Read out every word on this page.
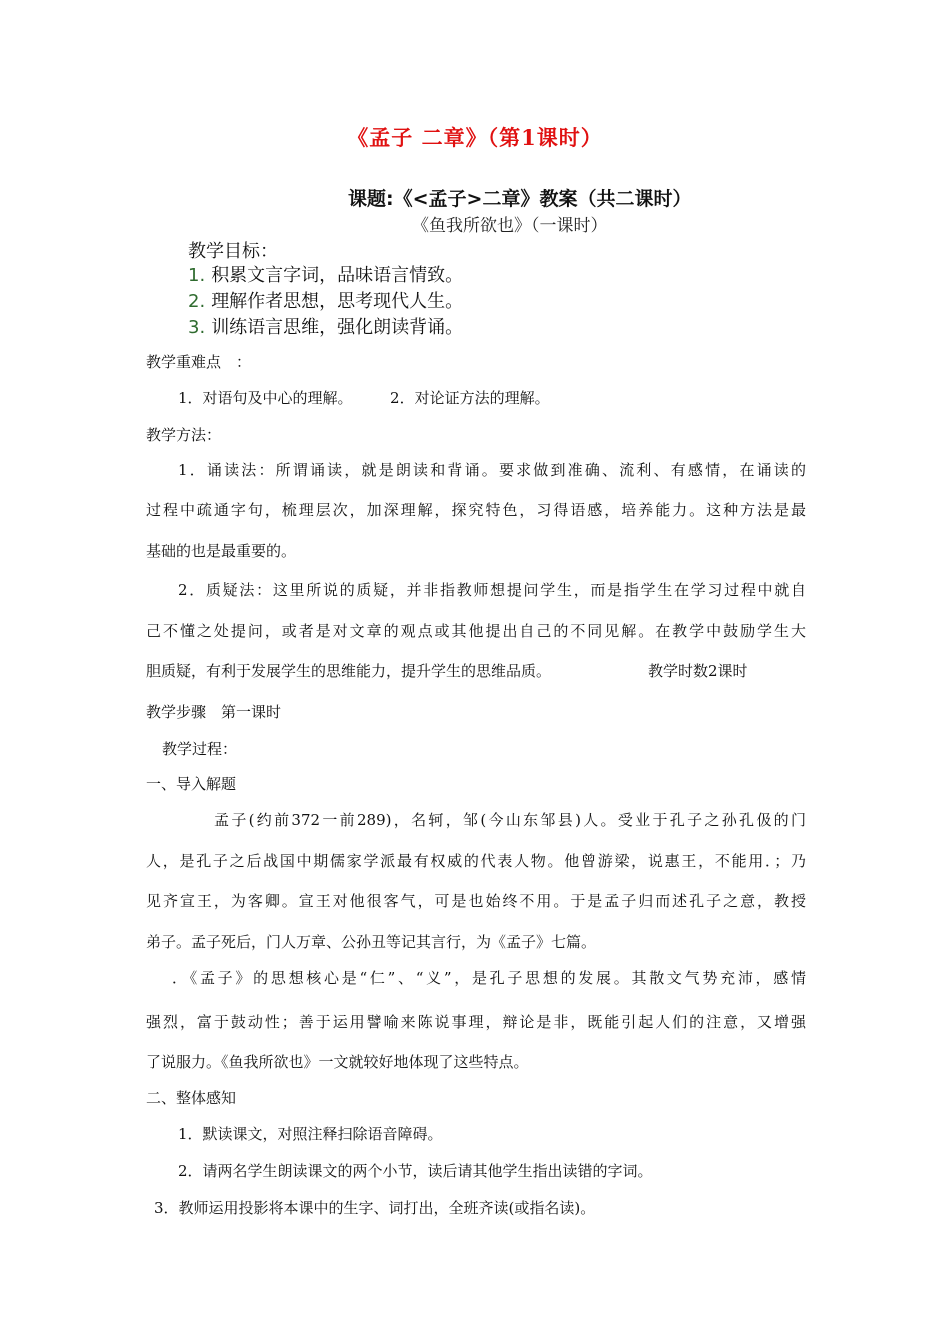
《孟子 二章》（第1课时）
课题:《<孟子>二章》教案（共二课时）
《鱼我所欲也》（一课时）
教学目标：
1. 积累文言字词，品味语言情致。
2. 理解作者思想，思考现代人生。
3. 训练语言思维，强化朗读背诵。
教学重难点　：
1．对语句及中心的理解。　　　2．对论证方法的理解。
教学方法：
1．诵读法：所谓诵读，就是朗读和背诵。要求做到准确、流利、有感情，在诵读的
过程中疏通字句，梳理层次，加深理解，探究特色，习得语感，培养能力。这种方法是最
基础的也是最重要的。
2．质疑法：这里所说的质疑，并非指教师想提问学生，而是指学生在学习过程中就自
己不懂之处提问，或者是对文章的观点或其他提出自己的不同见解。在教学中鼓励学生大
胆质疑，有利于发展学生的思维能力，提升学生的思维品质。	教学时数2课时
教学步骤　第一课时
教学过程：
一、导入解题
孟子(约前372一前289)，名轲，邹(今山东邹县)人。受业于孔子之孙孔伋的门
人，是孔子之后战国中期儒家学派最有权威的代表人物。他曾游梁，说惠王，不能用．；乃
见齐宣王，为客卿。宣王对他很客气，可是也始终不用。于是孟子归而述孔子之意，教授
弟子。孟子死后，门人万章、公孙丑等记其言行，为《孟子》七篇。
．《孟子》的思想核心是“仁”、“义”，是孔子思想的发展。其散文气势充沛，感情
强烈，富于鼓动性；善于运用譬喻来陈说事理，辩论是非，既能引起人们的注意，又增强
了说服力。《鱼我所欲也》一文就较好地体现了这些特点。
二、整体感知
1．默读课文，对照注释扫除语音障碍。
2．请两名学生朗读课文的两个小节，读后请其他学生指出读错的字词。
3．教师运用投影将本课中的生字、词打出，全班齐读(或指名读)。
